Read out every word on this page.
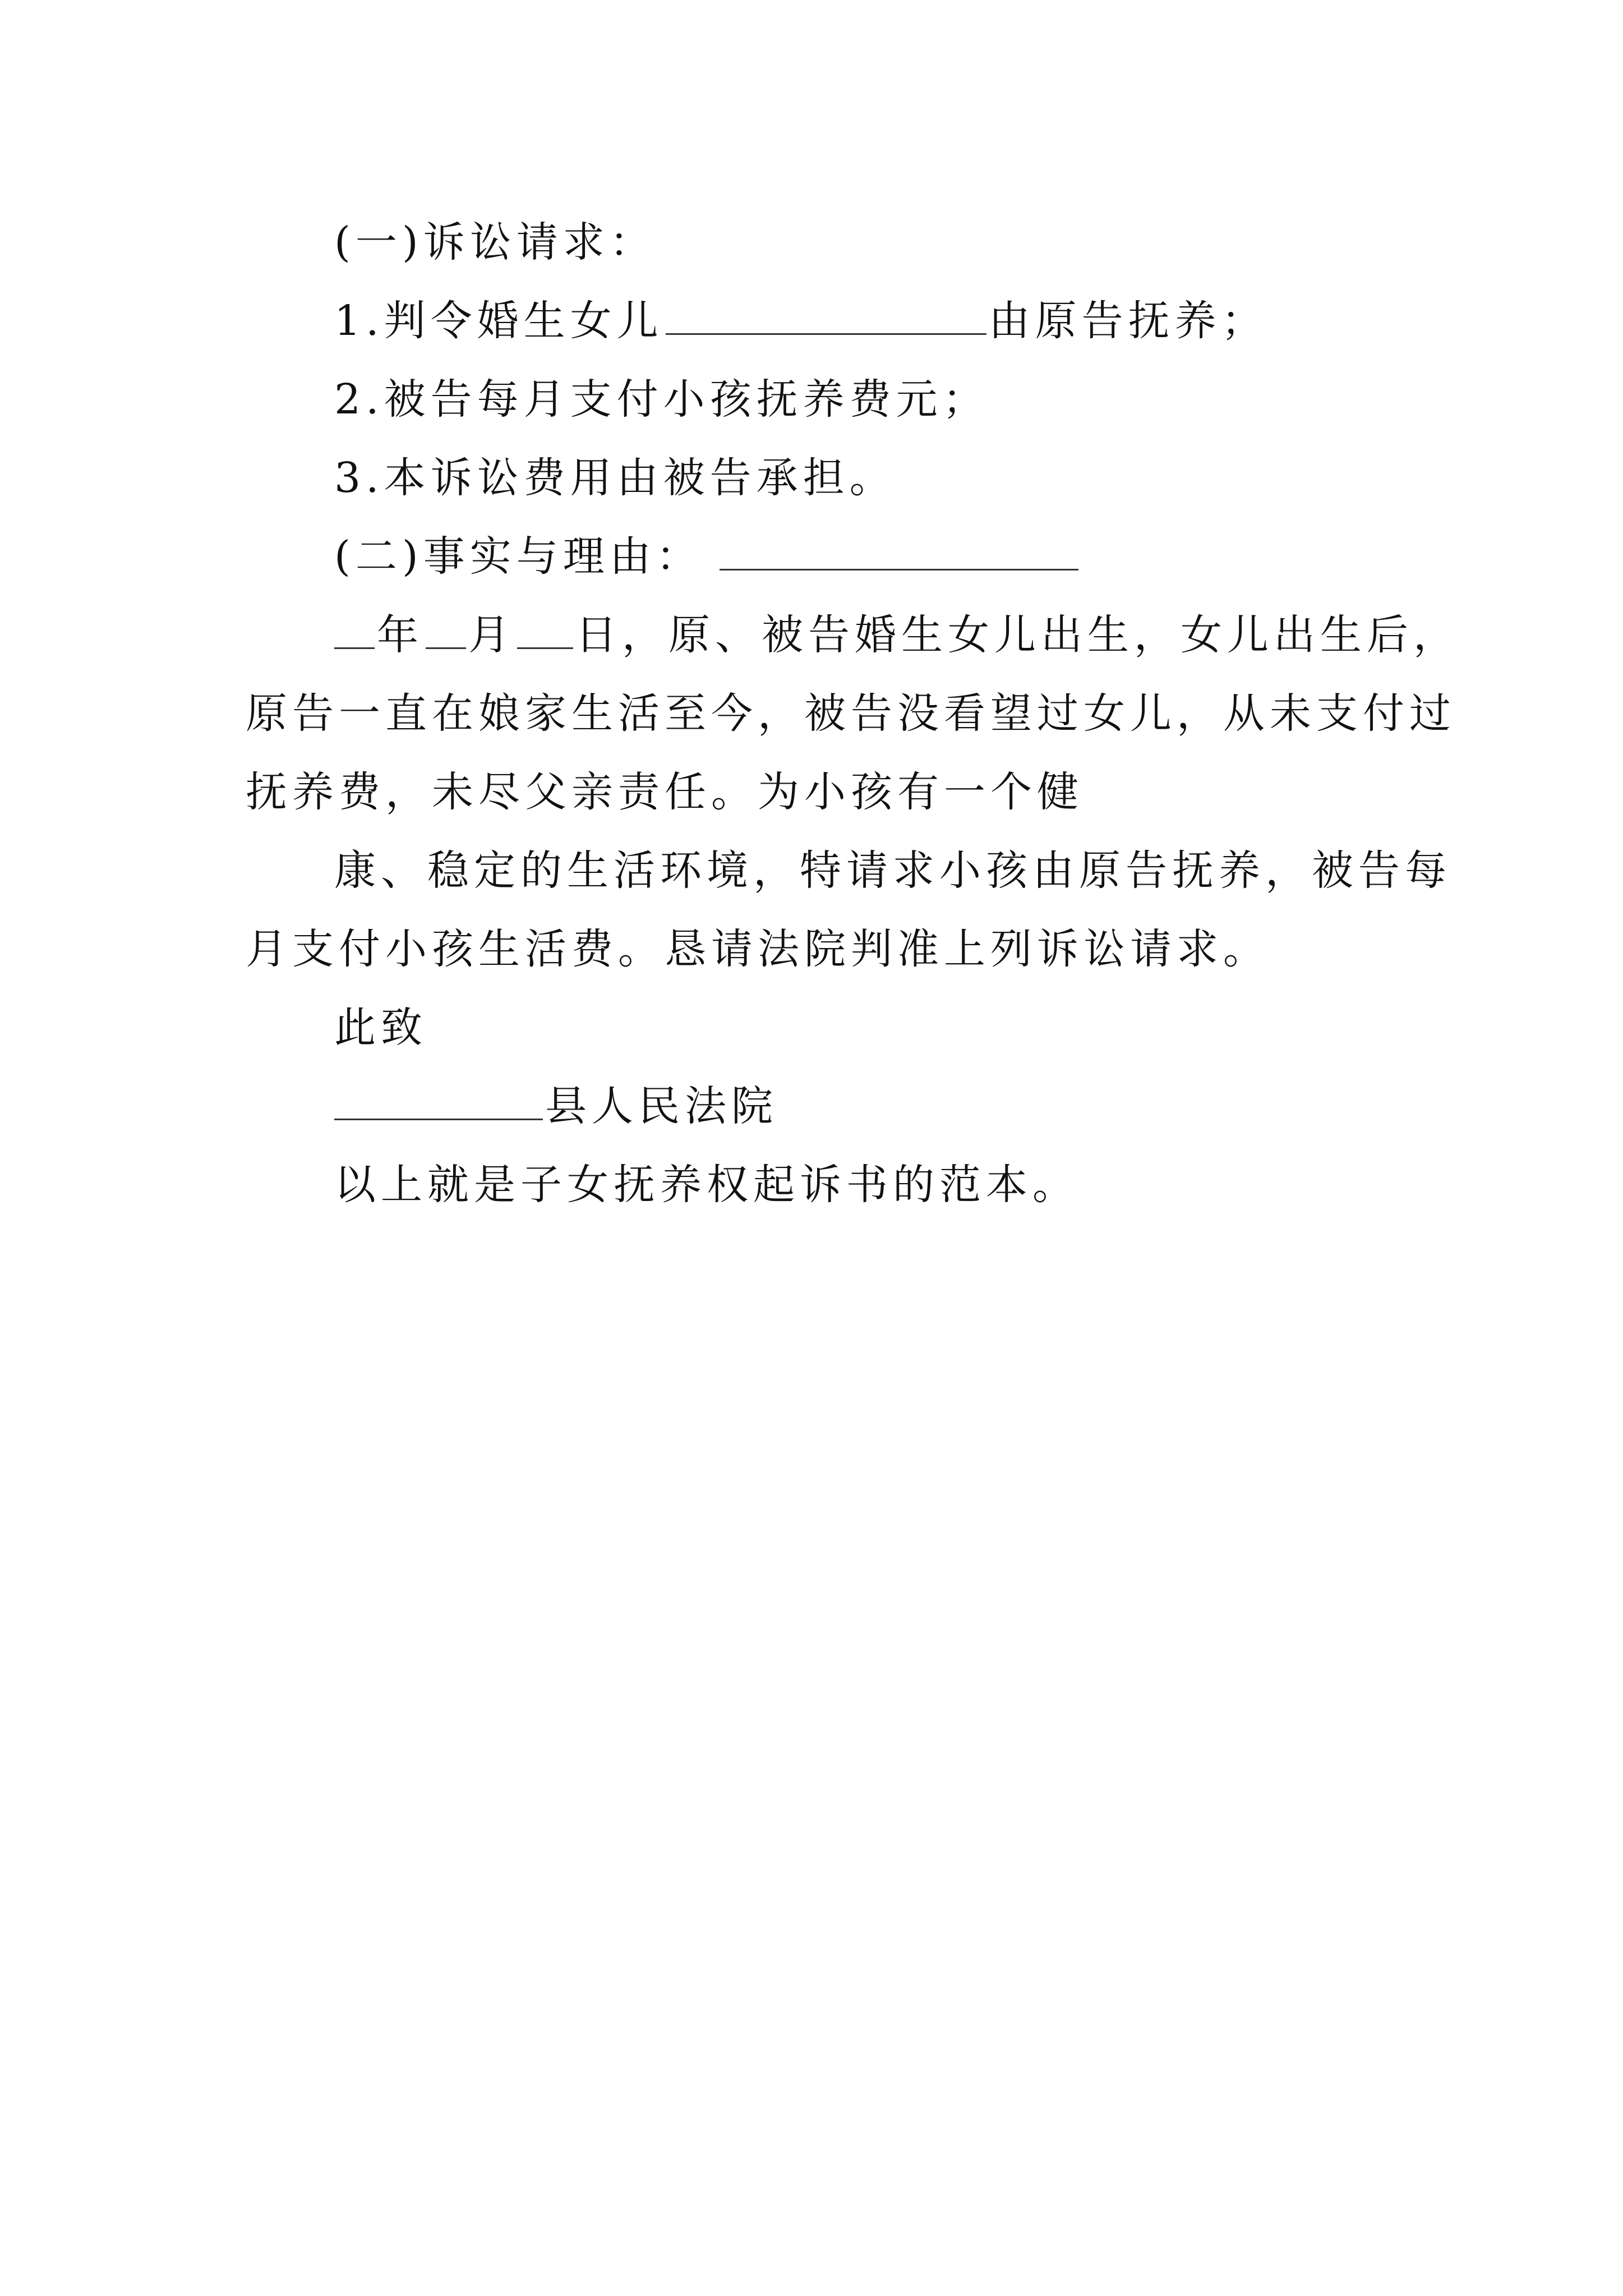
(一)诉讼请求：
1.判令婚生女儿	由原告抚养；
2.被告每月支付小孩抚养费元；
3.本诉讼费用由被告承担。
(二)事实与理由：
年 月 日，原、被告婚生女儿出生，女儿出生后，
原告一直在娘家生活至今，被告没看望过女儿，从未支付过
抚养费，未尽父亲责任。为小孩有一个健
康、稳定的生活环境，特请求小孩由原告抚养，被告每
月支付小孩生活费。恳请法院判准上列诉讼请求。
此致
县人民法院
以上就是子女抚养权起诉书的范本。
